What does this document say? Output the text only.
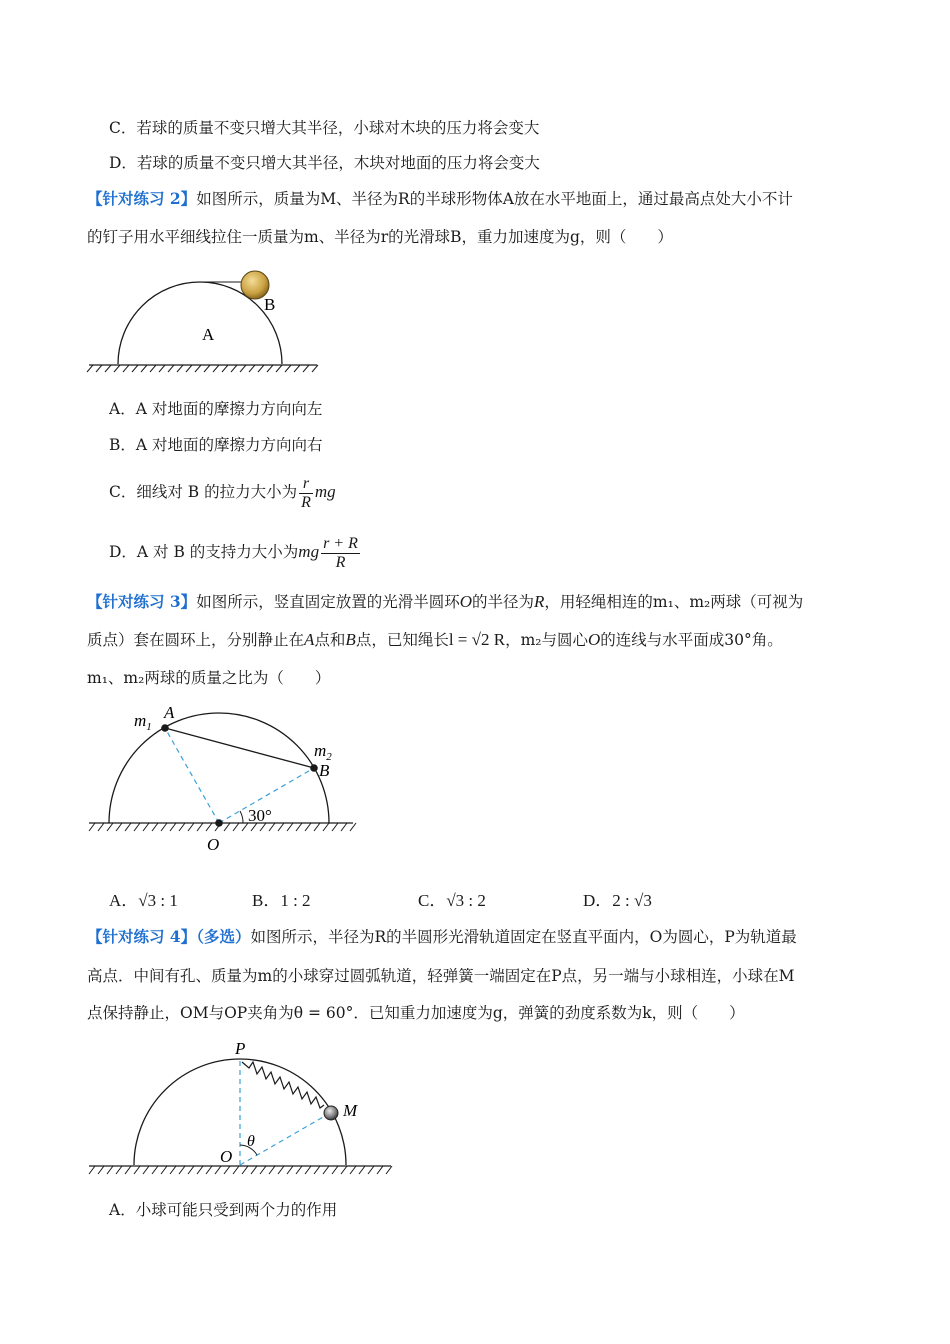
C．若球的质量不变只增大其半径，小球对木块的压力将会变大
D．若球的质量不变只增大其半径，木块对地面的压力将会变大
【针对练习 2】如图所示，质量为M、半径为R的半球形物体A放在水平地面上，通过最高点处大小不计
的钉子用水平细线拉住一质量为m、半径为r的光滑球B，重力加速度为g，则（　　）
A
B
A．A 对地面的摩擦力方向向左
B．A 对地面的摩擦力方向向右
C．细线对 B 的拉力大小为 $\frac{r}{R}$ mg
D．A 对 B 的支持力大小为mg $\frac{r + R}{R}$
【针对练习 3】如图所示，竖直固定放置的光滑半圆环O的半径为R，用轻绳相连的m₁、m₂两球（可视为
质点）套在圆环上，分别静止在A点和B点，已知绳长l = √2 R，m₂与圆心O的连线与水平面成30°角。
m₁、m₂两球的质量之比为（　　）
$m_1$
A
$m_2$
B
30°
O
A．√3 : 1	B．1 : 2	C．√3 : 2	D．2 : √3
【针对练习 4】（多选）如图所示，半径为R的半圆形光滑轨道固定在竖直平面内，O为圆心，P为轨道最
高点．中间有孔、质量为m的小球穿过圆弧轨道，轻弹簧一端固定在P点，另一端与小球相连，小球在M
点保持静止，OM与OP夹角为θ = 60°．已知重力加速度为g，弹簧的劲度系数为k，则（　　）
P
M
O
θ
A．小球可能只受到两个力的作用
